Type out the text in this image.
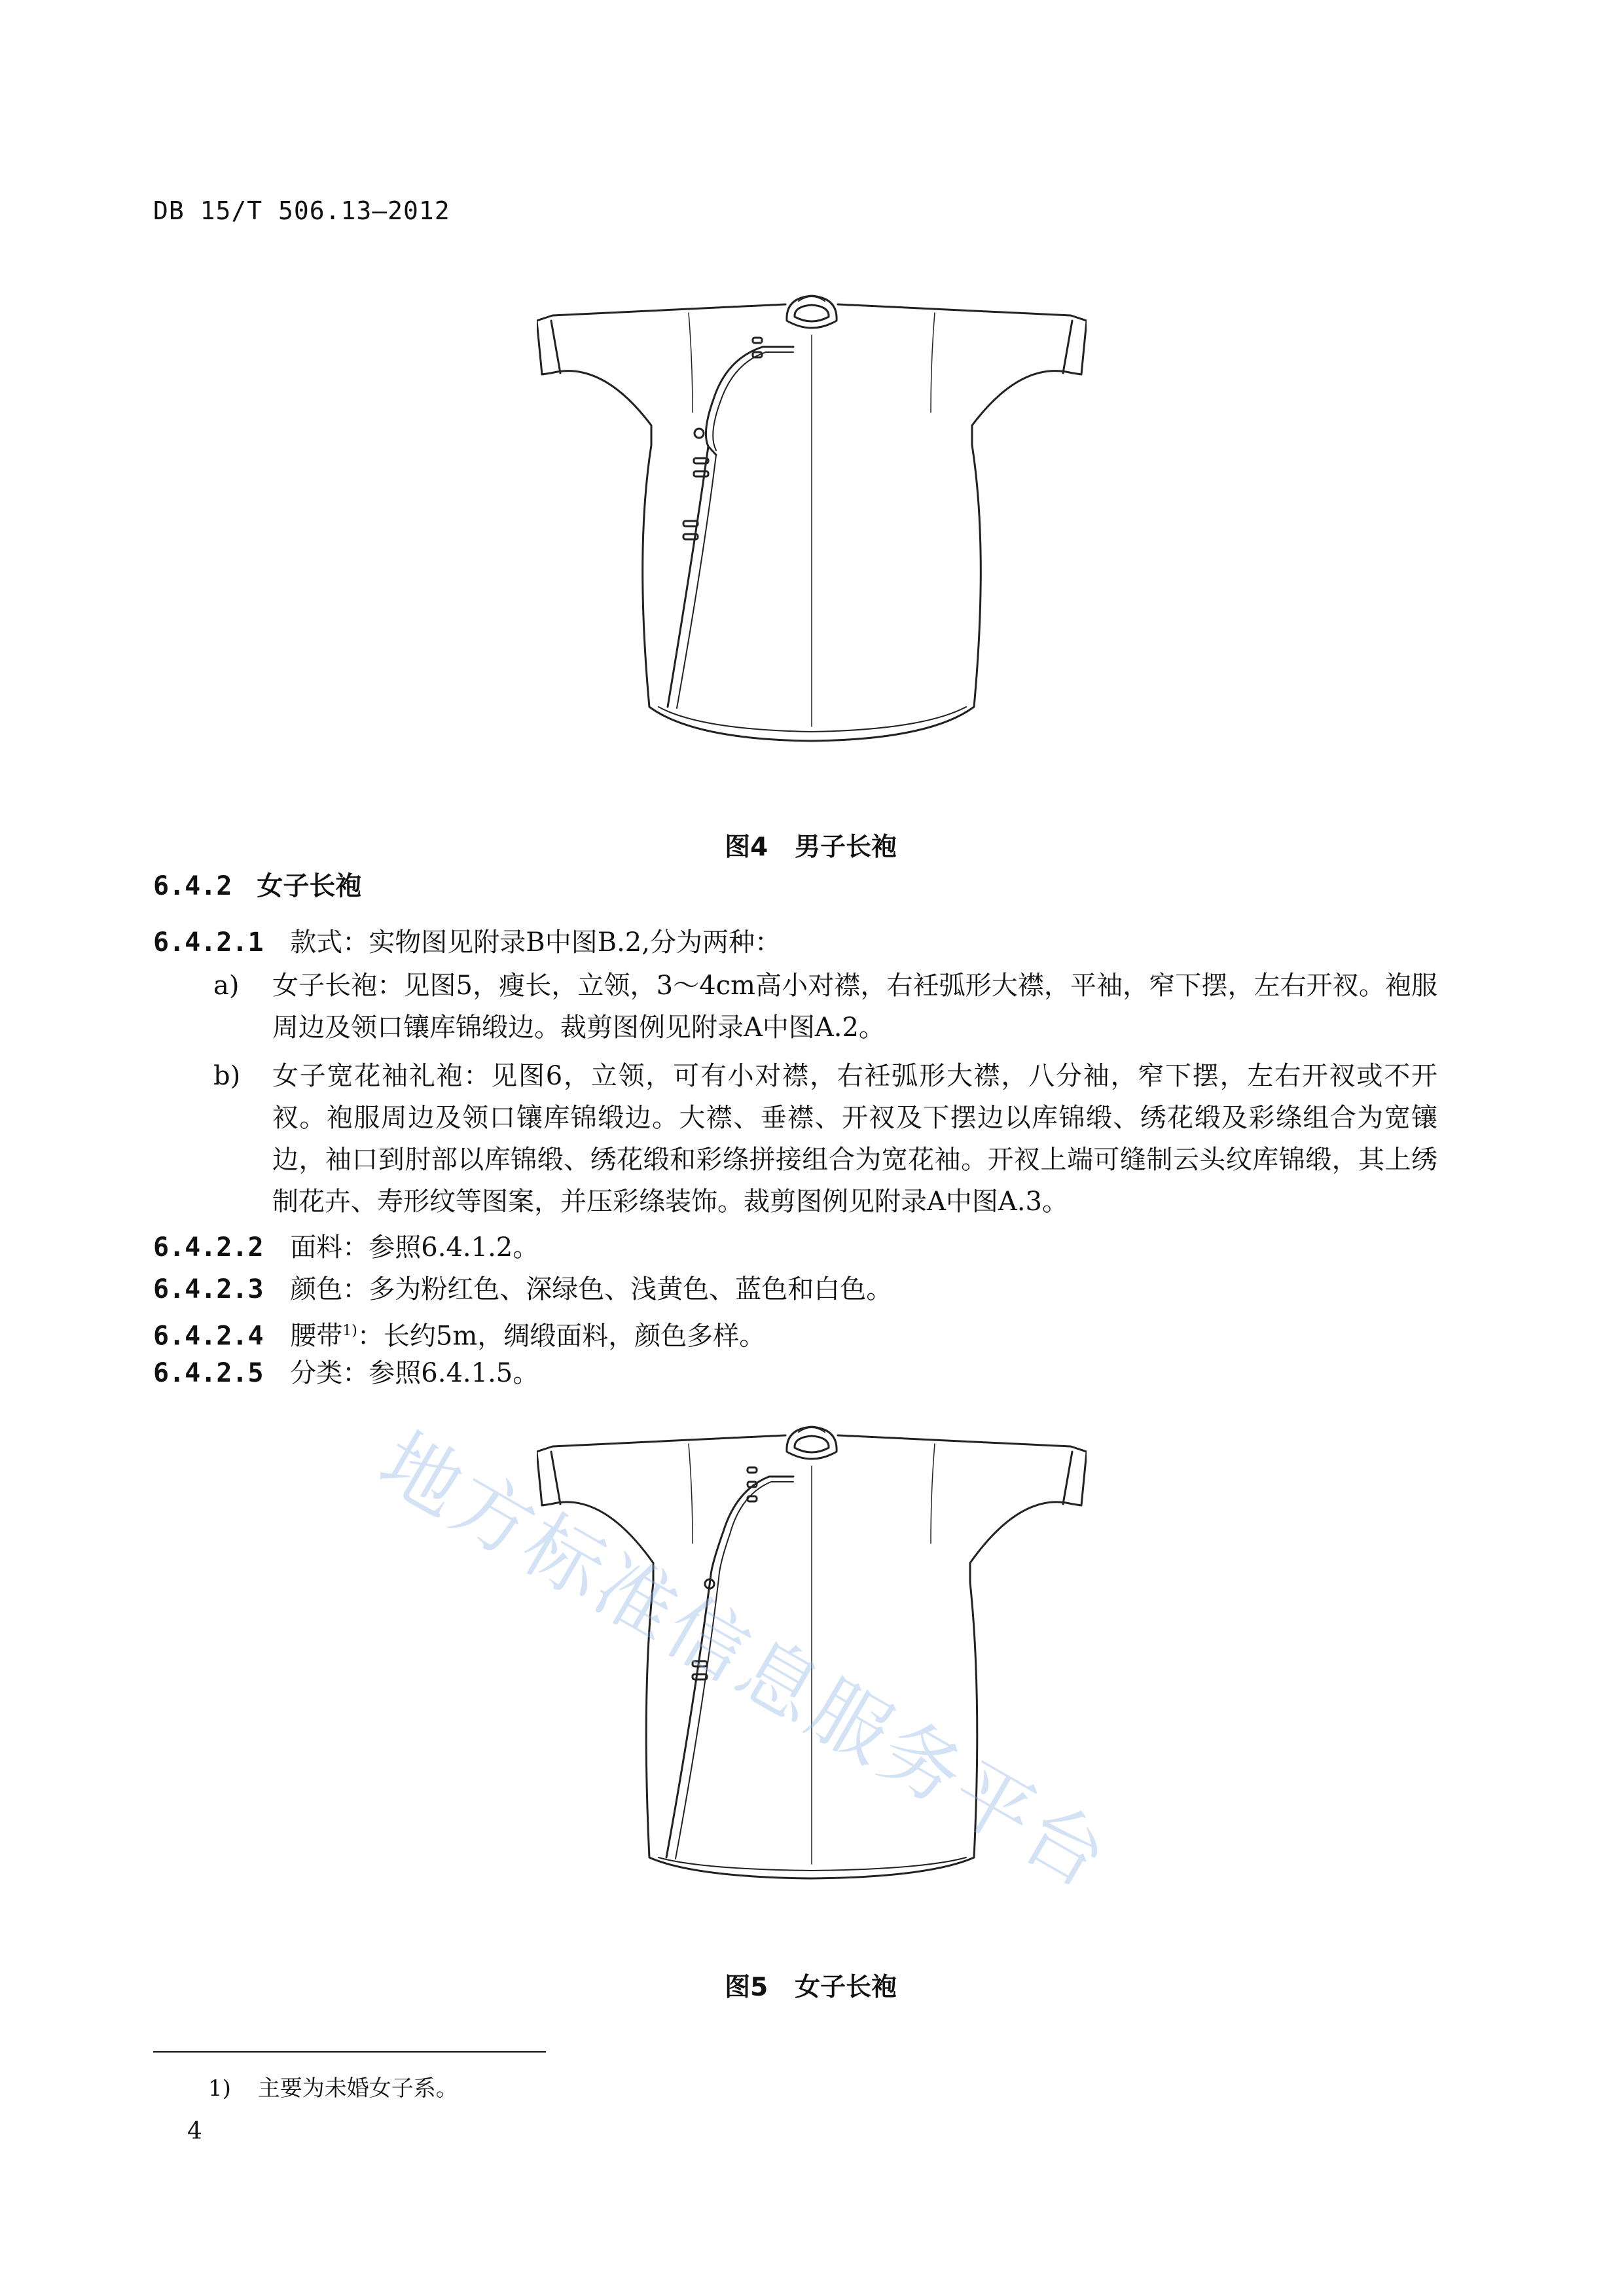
DB 15/T 506.13—2012

图4 男子长袍

6.4.2 女子长袍
6.4.2.1 款式：实物图见附录B中图B.2,分为两种：
a) 女子长袍：见图5，瘦长，立领，3～4cm高小对襟，右衽弧形大襟，平袖，窄下摆，左右开衩。袍服周边及领口镶库锦缎边。裁剪图例见附录A中图A.2。
b) 女子宽花袖礼袍：见图6，立领，可有小对襟，右衽弧形大襟，八分袖，窄下摆，左右开衩或不开衩。袍服周边及领口镶库锦缎边。大襟、垂襟、开衩及下摆边以库锦缎、绣花缎及彩绦组合为宽镶边，袖口到肘部以库锦缎、绣花缎和彩绦拼接组合为宽花袖。开衩上端可缝制云头纹库锦缎，其上绣制花卉、寿形纹等图案，并压彩绦装饰。裁剪图例见附录A中图A.3。
6.4.2.2 面料：参照6.4.1.2。
6.4.2.3 颜色：多为粉红色、深绿色、浅黄色、蓝色和白色。
6.4.2.4 腰带$^{1)}$：长约5m，绸缎面料，颜色多样。
6.4.2.5 分类：参照6.4.1.5。

图5 女子长袍

地方标准信息服务平台
1) 主要为未婚女子系。
4
